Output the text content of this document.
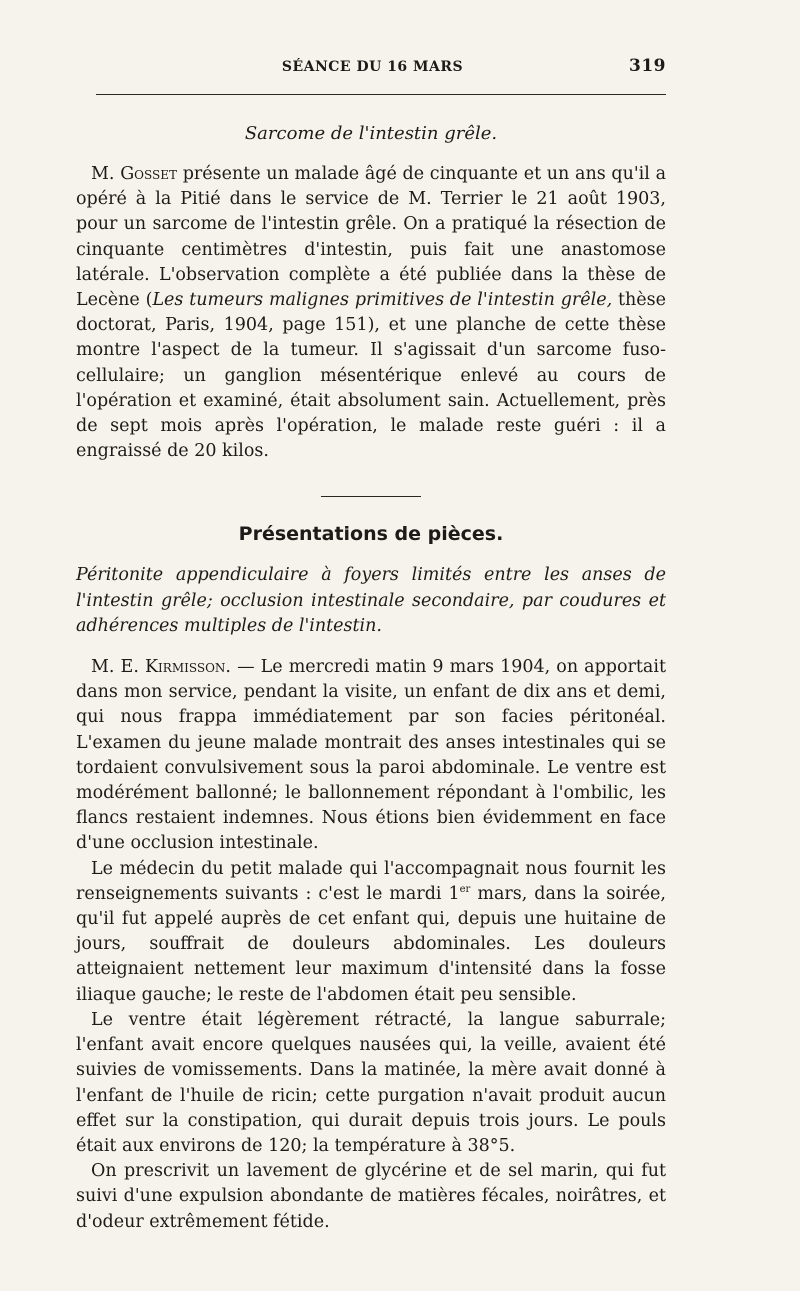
SÉANCE DU 16 MARS	319
Sarcome de l'intestin grêle.

M. Gosset présente un malade âgé de cinquante et un ans qu'il a opéré à la Pitié dans le service de M. Terrier le 21 août 1903, pour un sarcome de l'intestin grêle. On a pratiqué la résection de cinquante centimètres d'intestin, puis fait une anastomose latérale. L'observation complète a été publiée dans la thèse de Lecène (Les tumeurs malignes primitives de l'intestin grêle, thèse doctorat, Paris, 1904, page 151), et une planche de cette thèse montre l'aspect de la tumeur. Il s'agissait d'un sarcome fuso-cellulaire; un ganglion mésentérique enlevé au cours de l'opération et examiné, était absolument sain. Actuellement, près de sept mois après l'opération, le malade reste guéri : il a engraissé de 20 kilos.

Présentations de pièces.
Péritonite appendiculaire à foyers limités entre les anses de l'intestin grêle; occlusion intestinale secondaire, par coudures et adhérences multiples de l'intestin.

M. E. Kirmisson. — Le mercredi matin 9 mars 1904, on apportait dans mon service, pendant la visite, un enfant de dix ans et demi, qui nous frappa immédiatement par son facies péritonéal. L'examen du jeune malade montrait des anses intestinales qui se tordaient convulsivement sous la paroi abdominale. Le ventre est modérément ballonné; le ballonnement répondant à l'ombilic, les flancs restaient indemnes. Nous étions bien évidemment en face d'une occlusion intestinale.

Le médecin du petit malade qui l'accompagnait nous fournit les renseignements suivants : c'est le mardi 1er mars, dans la soirée, qu'il fut appelé auprès de cet enfant qui, depuis une huitaine de jours, souffrait de douleurs abdominales. Les douleurs atteignaient nettement leur maximum d'intensité dans la fosse iliaque gauche; le reste de l'abdomen était peu sensible.

Le ventre était légèrement rétracté, la langue saburrale; l'enfant avait encore quelques nausées qui, la veille, avaient été suivies de vomissements. Dans la matinée, la mère avait donné à l'enfant de l'huile de ricin; cette purgation n'avait produit aucun effet sur la constipation, qui durait depuis trois jours. Le pouls était aux environs de 120; la température à 38°5.

On prescrivit un lavement de glycérine et de sel marin, qui fut suivi d'une expulsion abondante de matières fécales, noirâtres, et d'odeur extrêmement fétide.
